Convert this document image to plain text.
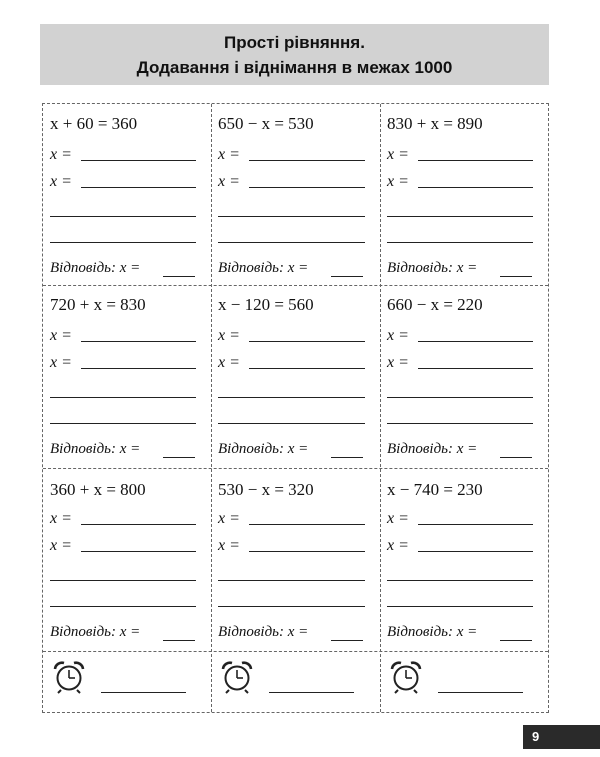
Прості рівняння.
Додавання і віднімання в межах 1000
x + 60 = 360
x =
x =
Відповідь: x =
650 − x = 530
x =
x =
Відповідь: x =
830 + x = 890
x =
x =
Відповідь: x =
720 + x = 830
x =
x =
Відповідь: x =
x − 120 = 560
x =
x =
Відповідь: x =
660 − x = 220
x =
x =
Відповідь: x =
360 + x = 800
x =
x =
Відповідь: x =
530 − x = 320
x =
x =
Відповідь: x =
x − 740 = 230
x =
x =
Відповідь: x =
9
